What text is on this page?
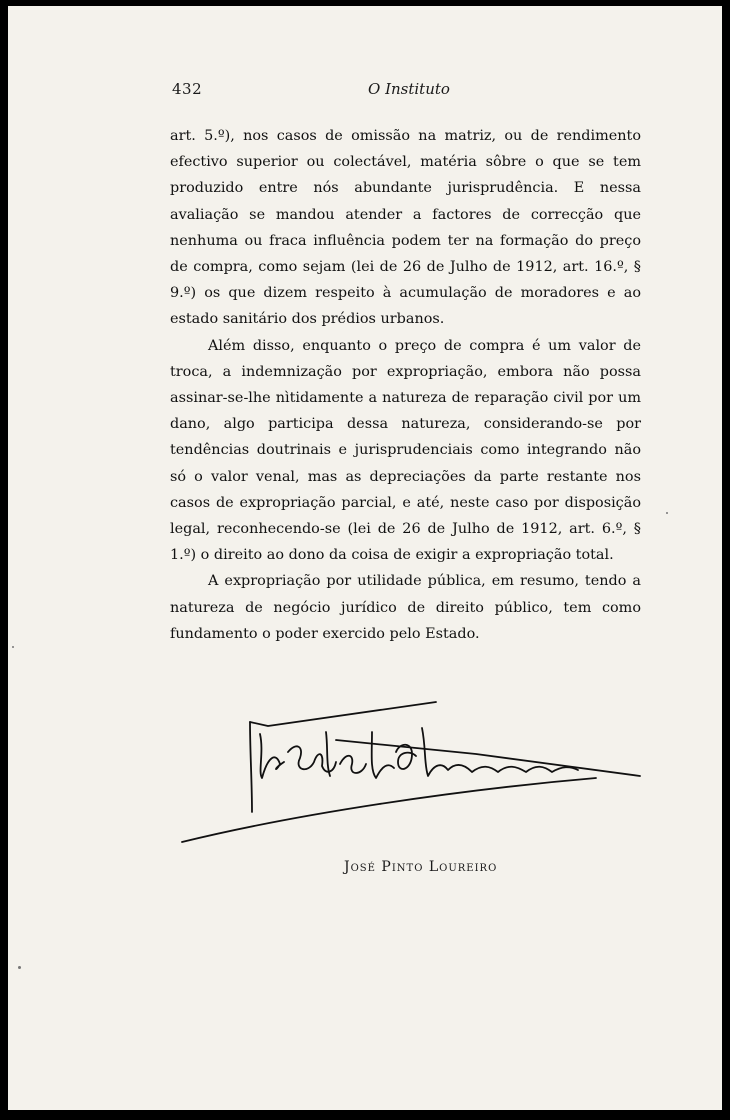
432	O Instituto

art. 5.º), nos casos de omissão na matriz, ou de rendimento efectivo superior ou colectável, matéria sôbre o que se tem produzido entre nós abundante jurisprudência. E nessa avaliação se mandou atender a factores de correcção que nenhuma ou fraca influência podem ter na formação do preço de compra, como sejam (lei de 26 de Julho de 1912, art. 16.º, § 9.º) os que dizem respeito à acumulação de moradores e ao estado sanitário dos prédios urbanos.

Além disso, enquanto o preço de compra é um valor de troca, a indemnização por expropriação, embora não possa assinar-se-lhe nìtidamente a natureza de reparação civil por um dano, algo participa dessa natureza, considerando-se por tendências doutrinais e jurisprudenciais como integrando não só o valor venal, mas as depreciações da parte restante nos casos de expropriação parcial, e até, neste caso por disposição legal, reconhecendo-se (lei de 26 de Julho de 1912, art. 6.º, § 1.º) o direito ao dono da coisa de exigir a expropriação total.

A expropriação por utilidade pública, em resumo, tendo a natureza de negócio jurídico de direito público, tem como fundamento o poder exercido pelo Estado.

José Pinto Loureiro
